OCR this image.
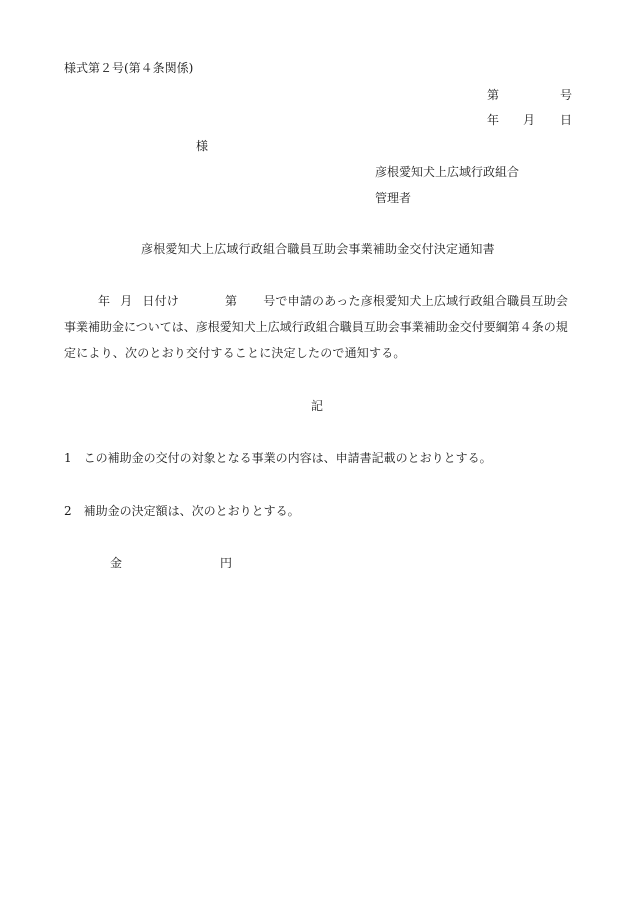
様式第２号(第４条関係)
第	号
年 月 日
様
彦根愛知犬上広域行政組合
管理者
彦根愛知犬上広域行政組合職員互助会事業補助金交付決定通知書
年 月 日付け	第 号で申請のあった彦根愛知犬上広域行政組合職員互助会
事業補助金については、彦根愛知犬上広域行政組合職員互助会事業補助金交付要綱第４条の規
定により、次のとおり交付することに決定したので通知する。
記
1 この補助金の交付の対象となる事業の内容は、申請書記載のとおりとする。
2 補助金の決定額は、次のとおりとする。
金	円
